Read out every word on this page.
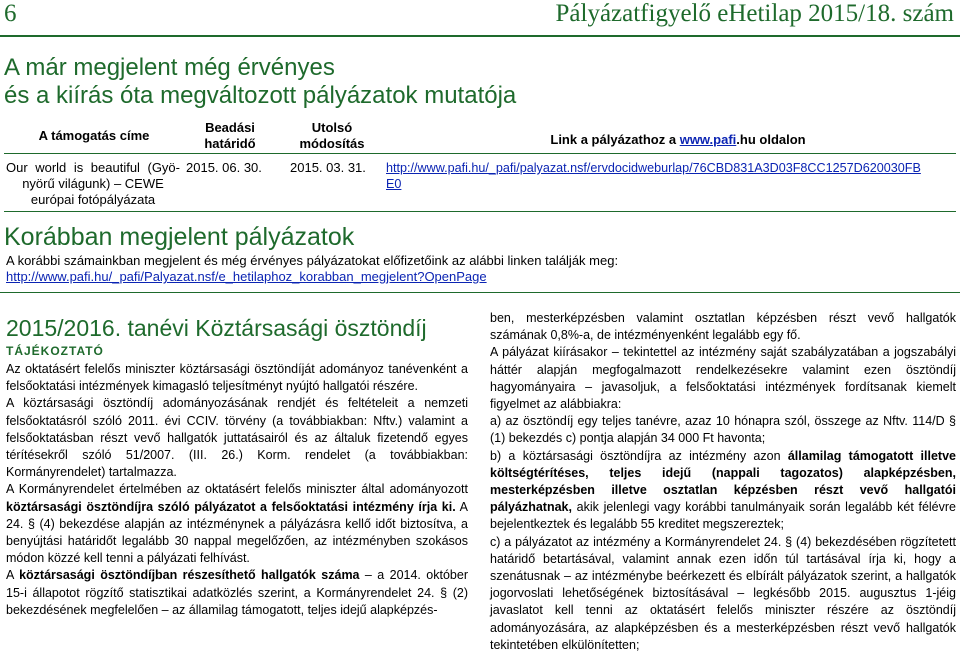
6	Pályázatfigyelő eHetilap 2015/18. szám
A már megjelent még érvényes
és a kiírás óta megváltozott pályázatok mutatója
A támogatás címe
Beadási
határidő
Utolsó
módosítás	Link a pályázathoz a www.pafi.hu oldalon
Our world is beautiful (Gyö-
nyörű világunk) – CEWE
európai fotópályázata
2015. 06. 30. 2015. 03. 31. http://www.pafi.hu/_pafi/palyazat.nsf/ervdocidweburlap/76CBD831A3D03F8CC1257D620030FB
E0
Korábban megjelent pályázatok
A korábbi számainkban megjelent és még érvényes pályázatokat előfizetőink az alábbi linken találják meg:
http://www.pafi.hu/_pafi/Palyazat.nsf/e_hetilaphoz_korabban_megjelent?OpenPage
2015/2016. tanévi Köztársasági ösztöndíj
TÁJÉKOZTATÓ

Az oktatásért felelős miniszter köztársasági ösztöndíját adományoz tanévenként a felsőoktatási intézmények kimagasló teljesítményt nyújtó hallgatói részére.

A köztársasági ösztöndíj adományozásának rendjét és feltételeit a nemzeti felsőoktatásról szóló 2011. évi CCIV. törvény (a továbbiakban: Nftv.) valamint a felsőoktatásban részt vevő hallgatók juttatásairól és az általuk fizetendő egyes térítésekről szóló 51/2007. (III. 26.) Korm. rendelet (a továbbiakban: Kormányrendelet) tartalmazza.

A Kormányrendelet értelmében az oktatásért felelős miniszter által adományozott köztársasági ösztöndíjra szóló pályázatot a felsőoktatási intézmény írja ki. A 24. § (4) bekezdése alapján az intézménynek a pályázásra kellő időt biztosítva, a benyújtási határidőt legalább 30 nappal megelőzően, az intézményben szokásos módon közzé kell tenni a pályázati felhívást.

A köztársasági ösztöndíjban részesíthető hallgatók száma – a 2014. október 15-i állapotot rögzítő statisztikai adatközlés szerint, a Kormányrendelet 24. § (2) bekezdésének megfelelően – az államilag támogatott, teljes idejű alapképzés-

ben, mesterképzésben valamint osztatlan képzésben részt vevő hallgatók számának 0,8%-a, de intézményenként legalább egy fő.

A pályázat kiírásakor – tekintettel az intézmény saját szabályzatában a jogszabályi háttér alapján megfogalmazott rendelkezésekre valamint ezen ösztöndíj hagyományaira – javasoljuk, a felsőoktatási intézmények fordítsanak kiemelt figyelmet az alábbiakra:

a) az ösztöndíj egy teljes tanévre, azaz 10 hónapra szól, összege az Nftv. 114/D § (1) bekezdés c) pontja alapján 34 000 Ft havonta;

b) a köztársasági ösztöndíjra az intézmény azon államilag támogatott illetve költségtérítéses, teljes idejű (nappali tagozatos) alapképzésben, mesterképzésben illetve osztatlan képzésben részt vevő hallgatói pályázhatnak, akik jelenlegi vagy korábbi tanulmányaik során legalább két félévre bejelentkeztek és legalább 55 kreditet megszereztek;

c) a pályázatot az intézmény a Kormányrendelet 24. § (4) bekezdésében rögzítetett határidő betartásával, valamint annak ezen időn túl tartásával írja ki, hogy a szenátusnak – az intézménybe beérkezett és elbírált pályázatok szerint, a hallgatók jogorvoslati lehetőségének biztosításával – legkésőbb 2015. augusztus 1-jéig javaslatot kell tenni az oktatásért felelős miniszter részére az ösztöndíj adományozására, az alapképzésben és a mesterképzésben részt vevő hallgatók tekintetében elkülönítetten;
